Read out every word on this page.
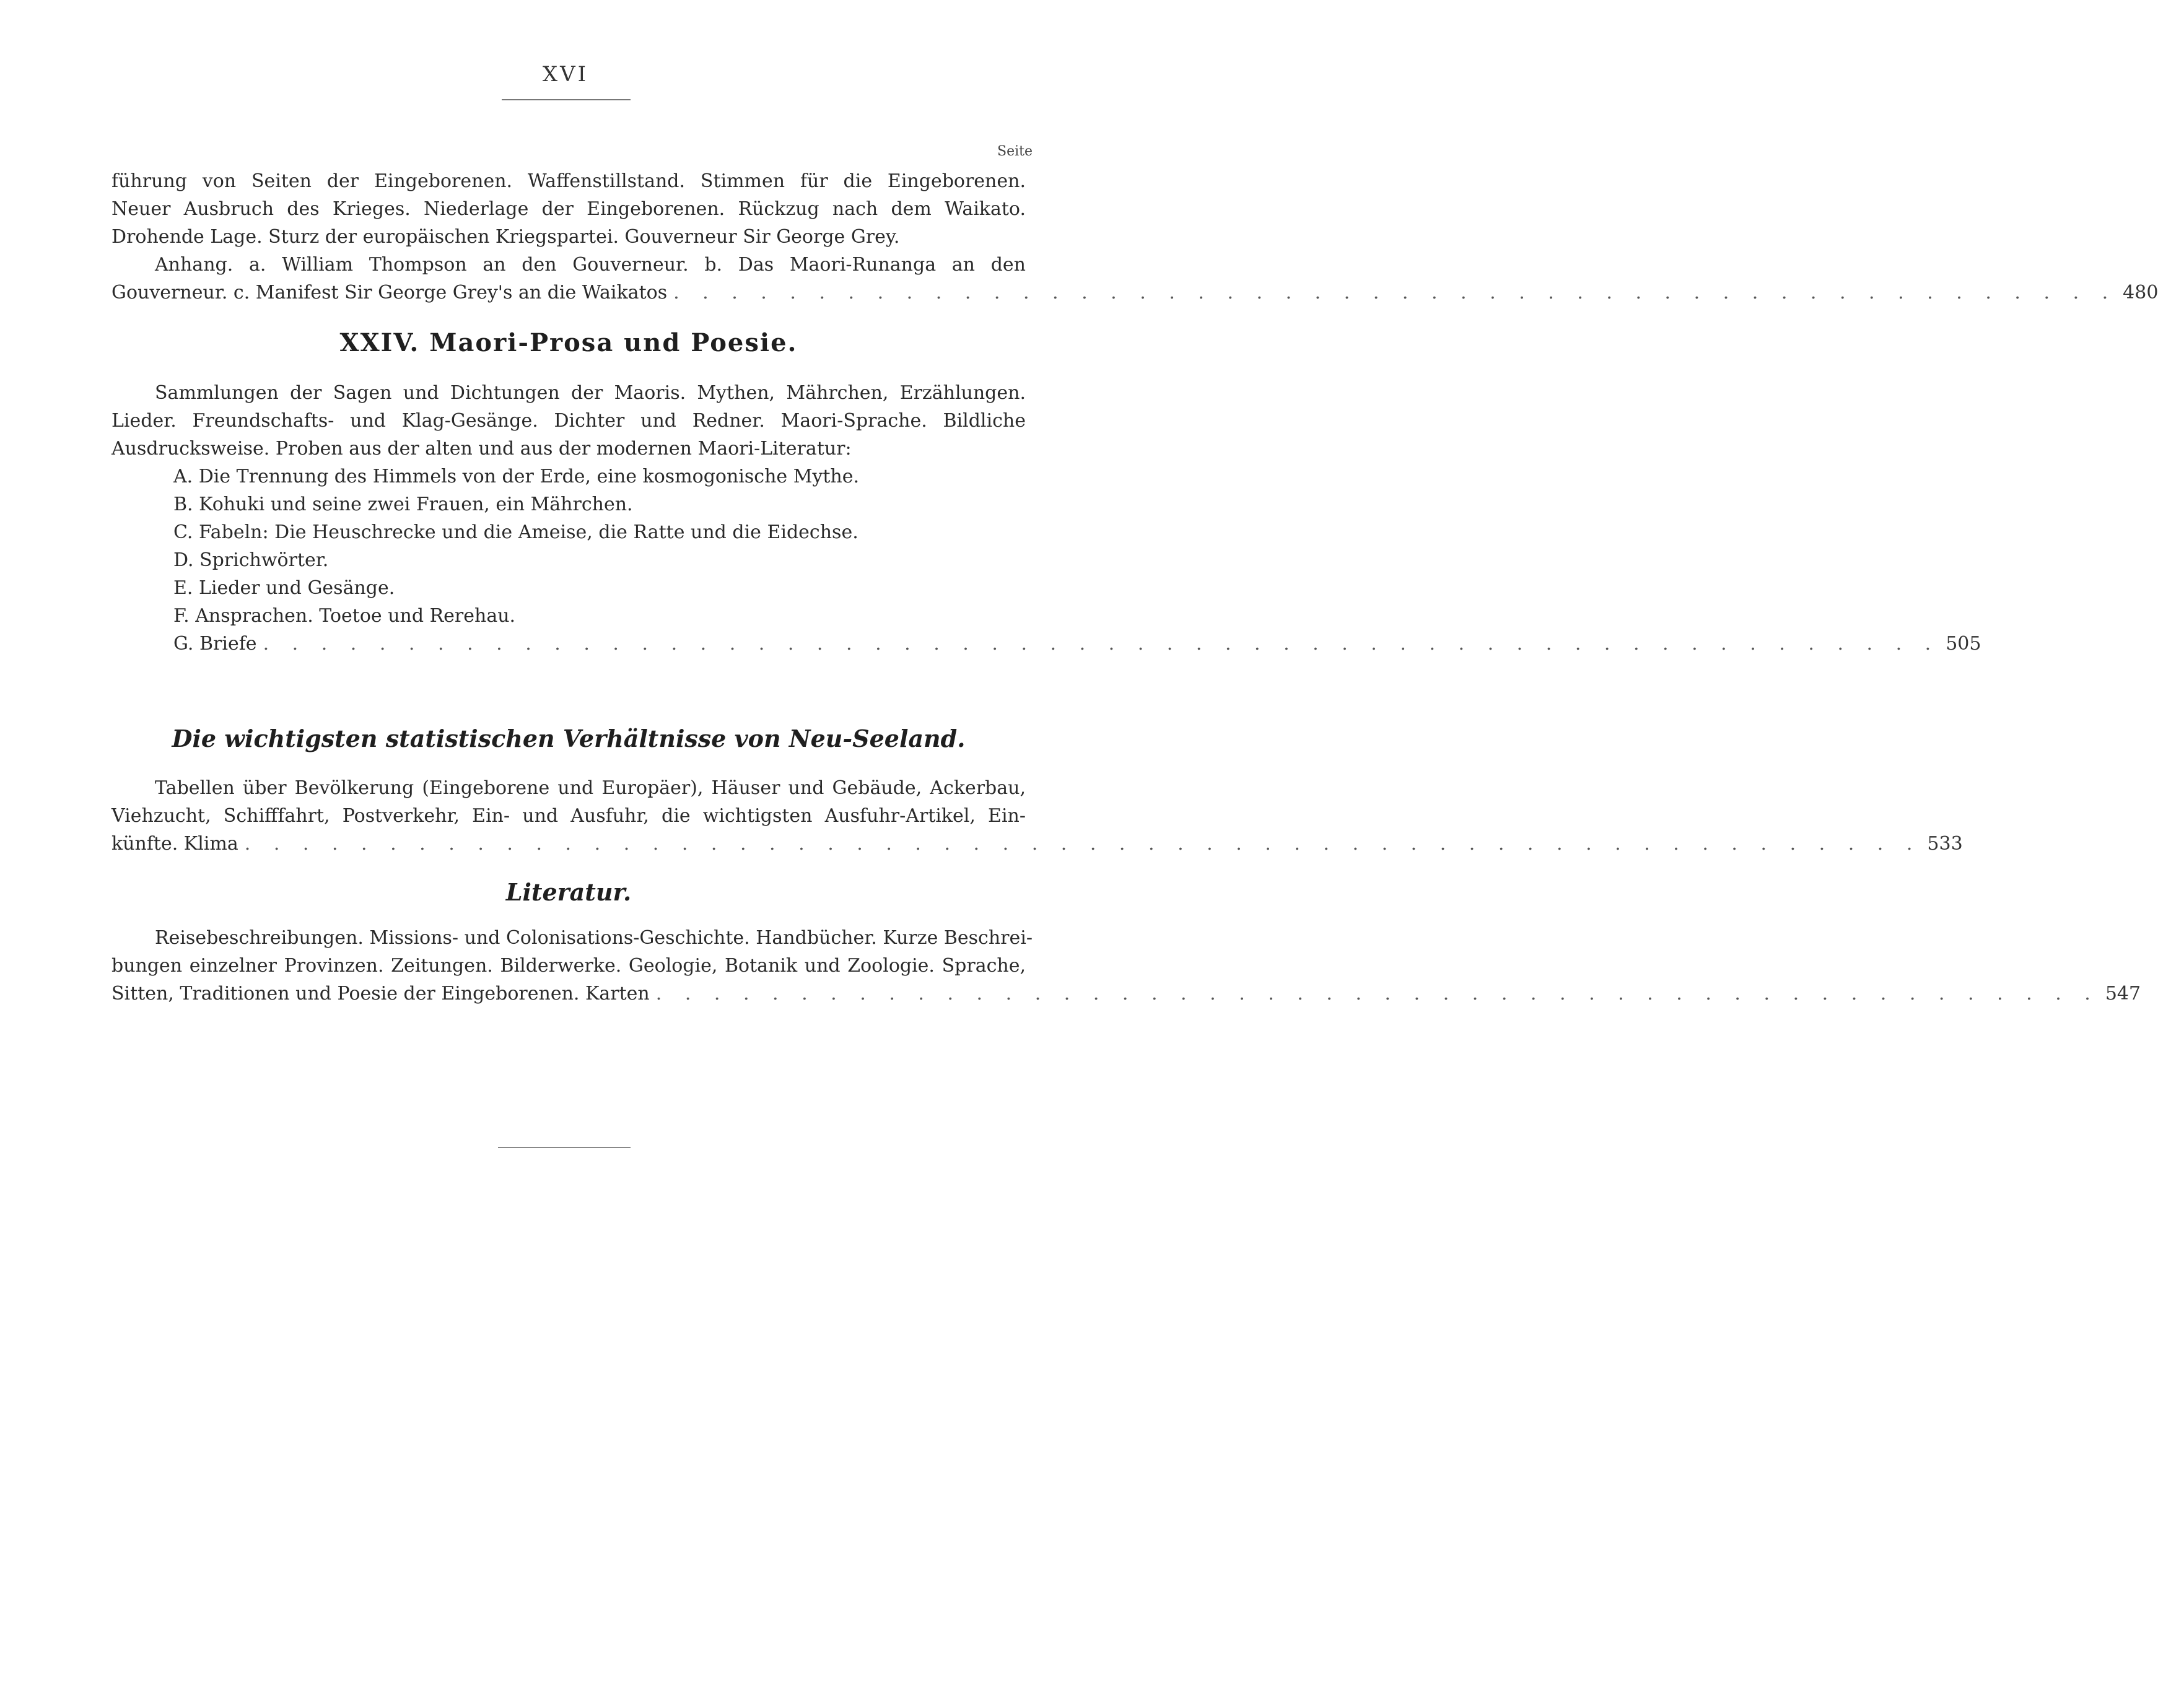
XVI
Seite
führung von Seiten der Eingeborenen. Waffenstillstand. Stimmen für die Eingeborenen.
Neuer Ausbruch des Krieges. Niederlage der Eingeborenen. Rückzug nach dem Waikato.
Drohende Lage. Sturz der europäischen Kriegspartei. Gouverneur Sir George Grey.
Anhang. a. William Thompson an den Gouverneur. b. Das Maori-Runanga an den
Gouverneur. c. Manifest Sir George Grey's an die Waikatos . . . . . . . . . . . . . . . . . . . . . . . . . . . . . . . . . . . . . . . . . . . . . . . . . . 480
XXIV. Maori-Prosa und Poesie.
Sammlungen der Sagen und Dichtungen der Maoris. Mythen, Mährchen, Erzählungen.
Lieder. Freundschafts- und Klag-Gesänge. Dichter und Redner. Maori-Sprache. Bildliche
Ausdrucksweise. Proben aus der alten und aus der modernen Maori-Literatur:
A. Die Trennung des Himmels von der Erde, eine kosmogonische Mythe.
B. Kohuki und seine zwei Frauen, ein Mährchen.
C. Fabeln: Die Heuschrecke und die Ameise, die Ratte und die Eidechse.
D. Sprichwörter.
E. Lieder und Gesänge.
F. Ansprachen. Toetoe und Rerehau.
G. Briefe . . . . . . . . . . . . . . . . . . . . . . . . . . . . . . . . . . . . . . . . . . . . . . . . . . . . . . . . . . 505
Die wichtigsten statistischen Verhältnisse von Neu-Seeland.
Tabellen über Bevölkerung (Eingeborene und Europäer), Häuser und Gebäude, Ackerbau,
Viehzucht, Schifffahrt, Postverkehr, Ein- und Ausfuhr, die wichtigsten Ausfuhr-Artikel, Ein-
künfte. Klima . . . . . . . . . . . . . . . . . . . . . . . . . . . . . . . . . . . . . . . . . . . . . . . . . . . . . . . . . . 533
Literatur.
Reisebeschreibungen. Missions- und Colonisations-Geschichte. Handbücher. Kurze Beschrei-
bungen einzelner Provinzen. Zeitungen. Bilderwerke. Geologie, Botanik und Zoologie. Sprache,
Sitten, Traditionen und Poesie der Eingeborenen. Karten . . . . . . . . . . . . . . . . . . . . . . . . . . . . . . . . . . . . . . . . . . . . . . . . . . 547
